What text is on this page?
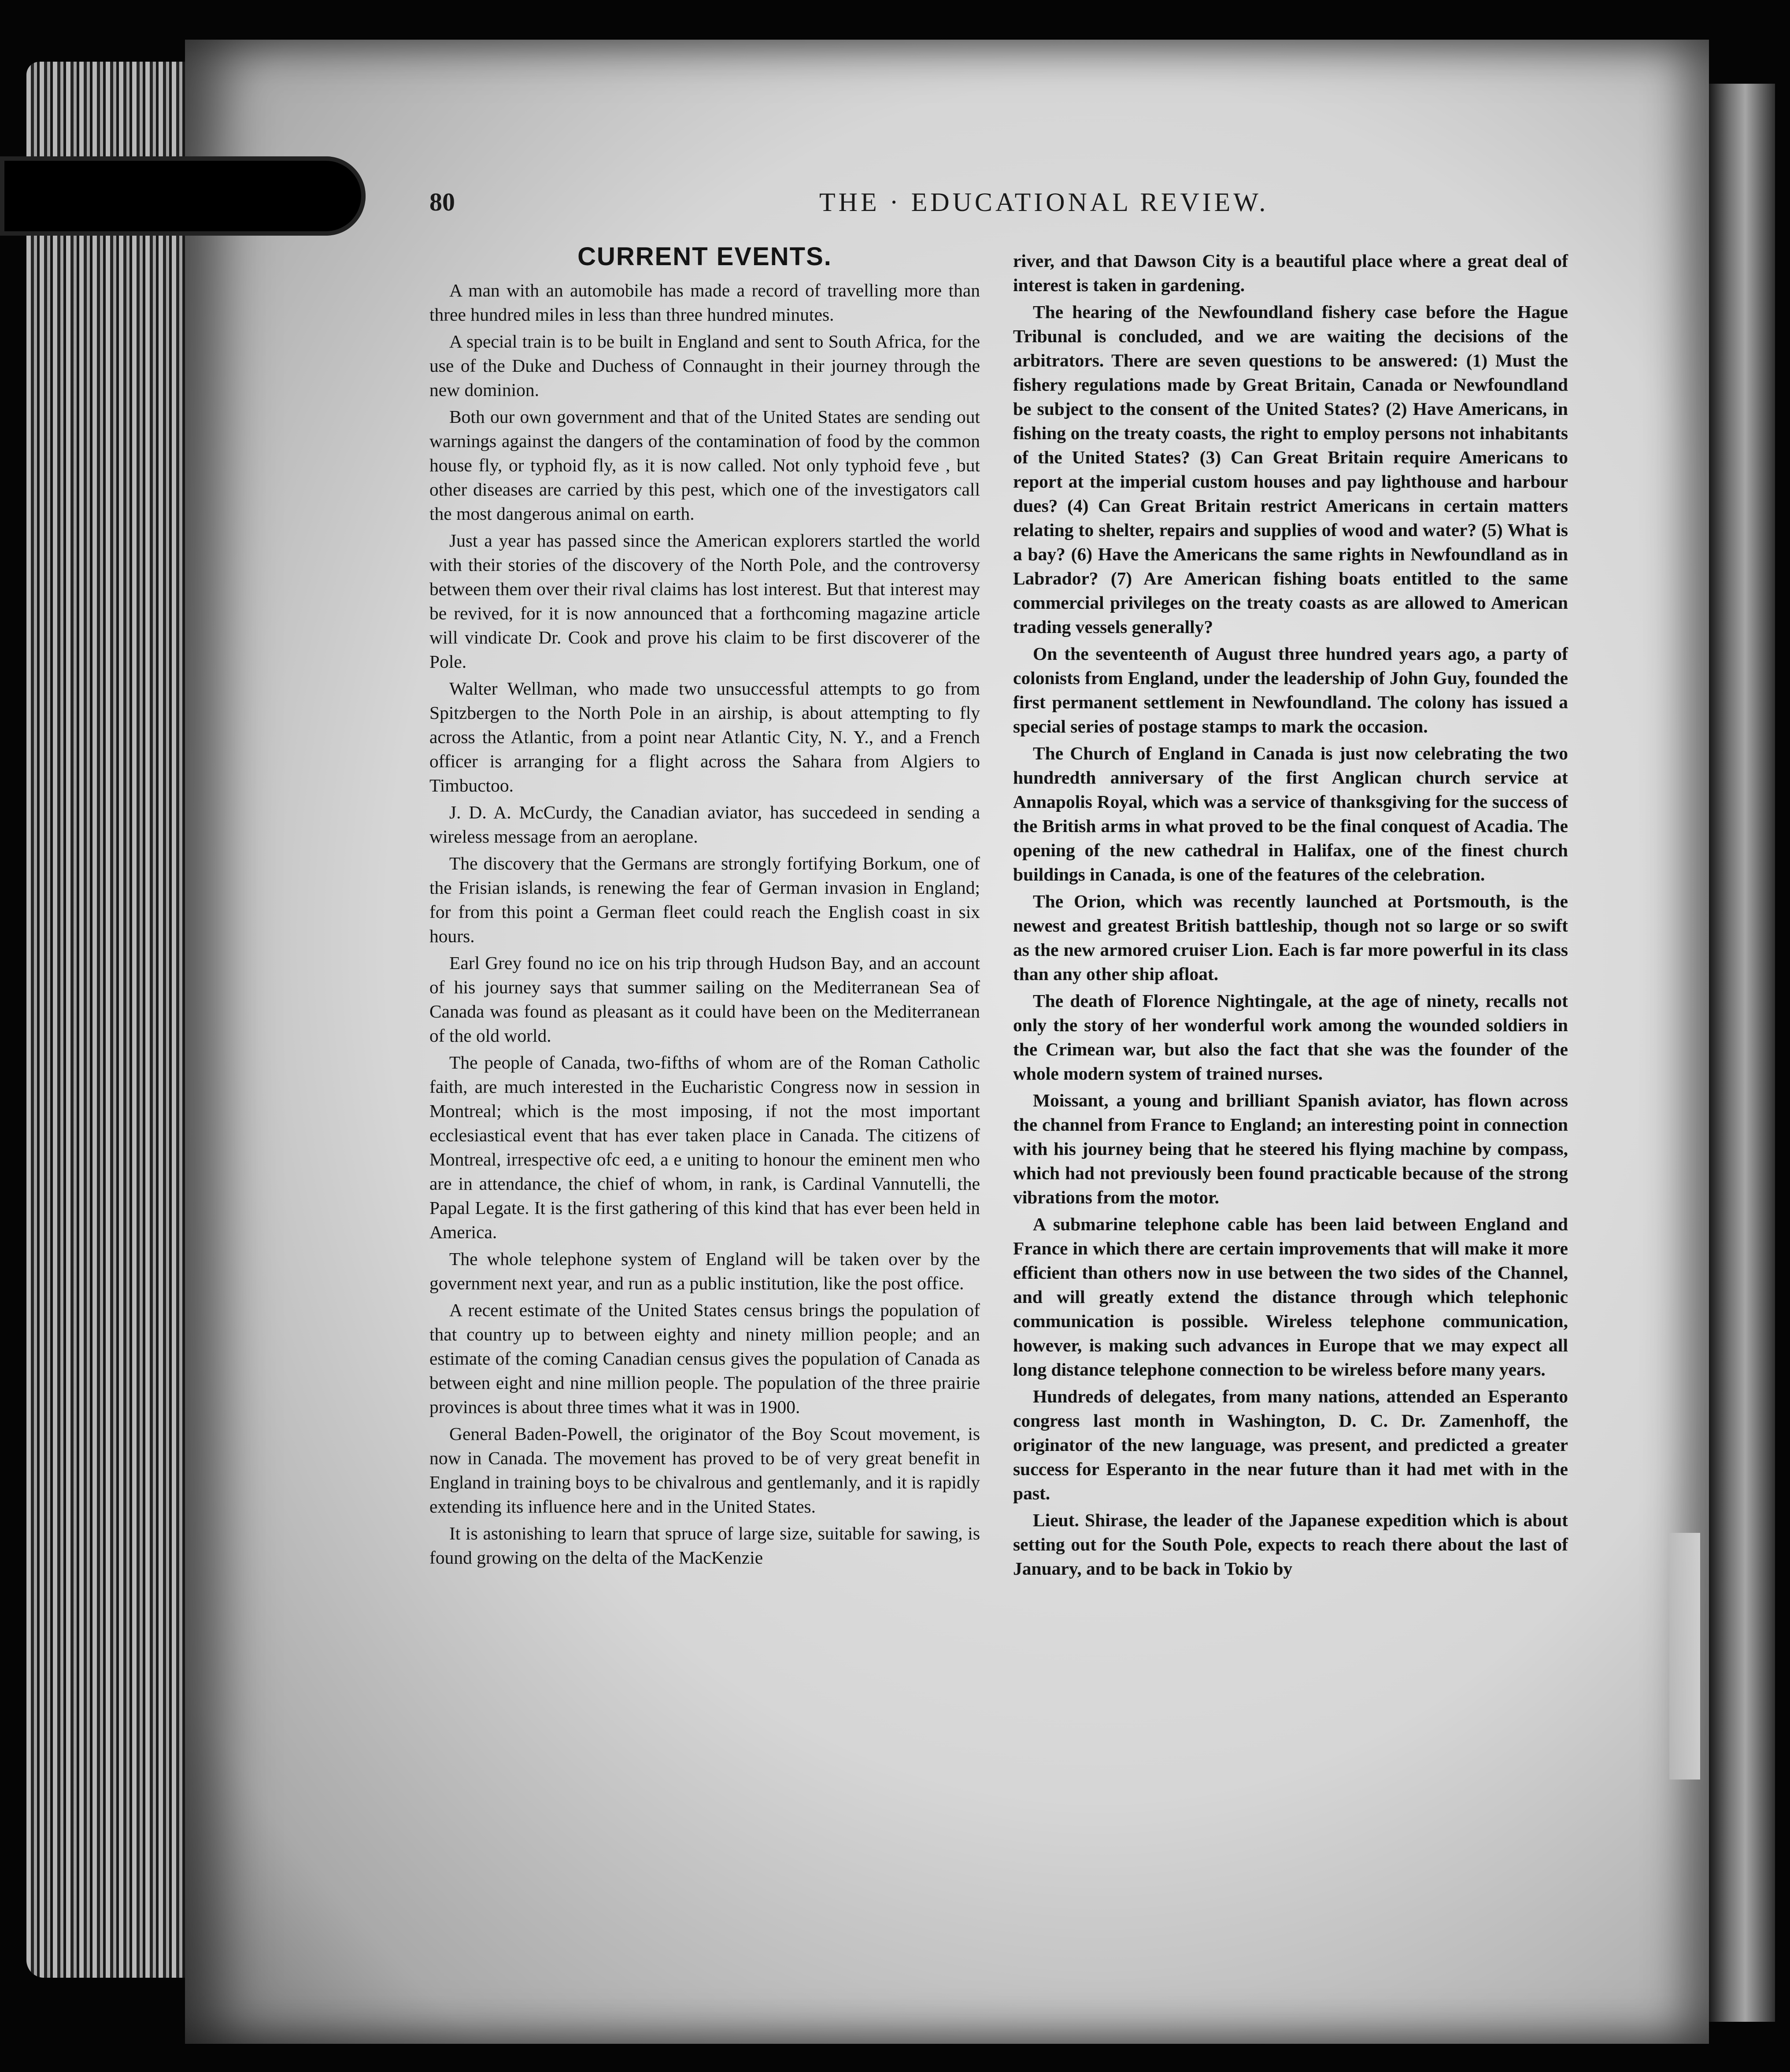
80	THE · EDUCATIONAL REVIEW.
CURRENT EVENTS.

A man with an automobile has made a record of travelling more than three hundred miles in less than three hundred minutes.

A special train is to be built in England and sent to South Africa, for the use of the Duke and Duchess of Connaught in their journey through the new dominion.

Both our own government and that of the United States are sending out warnings against the dangers of the contamination of food by the common house fly, or typhoid fly, as it is now called. Not only typhoid feve , but other diseases are carried by this pest, which one of the investigators call the most dangerous animal on earth.

Just a year has passed since the American explorers startled the world with their stories of the discovery of the North Pole, and the controversy between them over their rival claims has lost interest. But that interest may be revived, for it is now announced that a forthcoming magazine article will vindicate Dr. Cook and prove his claim to be first discoverer of the Pole.

Walter Wellman, who made two unsuccessful attempts to go from Spitzbergen to the North Pole in an airship, is about attempting to fly across the Atlantic, from a point near Atlantic City, N. Y., and a French officer is arranging for a flight across the Sahara from Algiers to Timbuctoo.

J. D. A. McCurdy, the Canadian aviator, has succedeed in sending a wireless message from an aeroplane.

The discovery that the Germans are strongly fortifying Borkum, one of the Frisian islands, is renewing the fear of German invasion in England; for from this point a German fleet could reach the English coast in six hours.

Earl Grey found no ice on his trip through Hudson Bay, and an account of his journey says that summer sailing on the Mediterranean Sea of Canada was found as pleasant as it could have been on the Mediterranean of the old world.

The people of Canada, two-fifths of whom are of the Roman Catholic faith, are much interested in the Eucharistic Congress now in session in Montreal; which is the most imposing, if not the most important ecclesiastical event that has ever taken place in Canada. The citizens of Montreal, irrespective ofc eed, a e uniting to honour the eminent men who are in attendance, the chief of whom, in rank, is Cardinal Vannutelli, the Papal Legate. It is the first gathering of this kind that has ever been held in America.

The whole telephone system of England will be taken over by the government next year, and run as a public institution, like the post office.

A recent estimate of the United States census brings the population of that country up to between eighty and ninety million people; and an estimate of the coming Canadian census gives the population of Canada as between eight and nine million people. The population of the three prairie provinces is about three times what it was in 1900.

General Baden-Powell, the originator of the Boy Scout movement, is now in Canada. The movement has proved to be of very great benefit in England in training boys to be chivalrous and gentlemanly, and it is rapidly extending its influence here and in the United States.

It is astonishing to learn that spruce of large size, suitable for sawing, is found growing on the delta of the MacKenzie

river, and that Dawson City is a beautiful place where a great deal of interest is taken in gardening.

The hearing of the Newfoundland fishery case before the Hague Tribunal is concluded, and we are waiting the decisions of the arbitrators. There are seven questions to be answered: (1) Must the fishery regulations made by Great Britain, Canada or Newfoundland be subject to the consent of the United States? (2) Have Americans, in fishing on the treaty coasts, the right to employ persons not inhabitants of the United States? (3) Can Great Britain require Americans to report at the imperial custom houses and pay lighthouse and harbour dues? (4) Can Great Britain restrict Americans in certain matters relating to shelter, repairs and supplies of wood and water? (5) What is a bay? (6) Have the Americans the same rights in Newfoundland as in Labrador? (7) Are American fishing boats entitled to the same commercial privileges on the treaty coasts as are allowed to American trading vessels generally?

On the seventeenth of August three hundred years ago, a party of colonists from England, under the leadership of John Guy, founded the first permanent settlement in Newfoundland. The colony has issued a special series of postage stamps to mark the occasion.

The Church of England in Canada is just now celebrating the two hundredth anniversary of the first Anglican church service at Annapolis Royal, which was a service of thanksgiving for the success of the British arms in what proved to be the final conquest of Acadia. The opening of the new cathedral in Halifax, one of the finest church buildings in Canada, is one of the features of the celebration.

The Orion, which was recently launched at Portsmouth, is the newest and greatest British battleship, though not so large or so swift as the new armored cruiser Lion. Each is far more powerful in its class than any other ship afloat.

The death of Florence Nightingale, at the age of ninety, recalls not only the story of her wonderful work among the wounded soldiers in the Crimean war, but also the fact that she was the founder of the whole modern system of trained nurses.

Moissant, a young and brilliant Spanish aviator, has flown across the channel from France to England; an interesting point in connection with his journey being that he steered his flying machine by compass, which had not previously been found practicable because of the strong vibrations from the motor.

A submarine telephone cable has been laid between England and France in which there are certain improvements that will make it more efficient than others now in use between the two sides of the Channel, and will greatly extend the distance through which telephonic communication is possible. Wireless telephone communication, however, is making such advances in Europe that we may expect all long distance telephone connection to be wireless before many years.

Hundreds of delegates, from many nations, attended an Esperanto congress last month in Washington, D. C. Dr. Zamenhoff, the originator of the new language, was present, and predicted a greater success for Esperanto in the near future than it had met with in the past.

Lieut. Shirase, the leader of the Japanese expedition which is about setting out for the South Pole, expects to reach there about the last of January, and to be back in Tokio by
